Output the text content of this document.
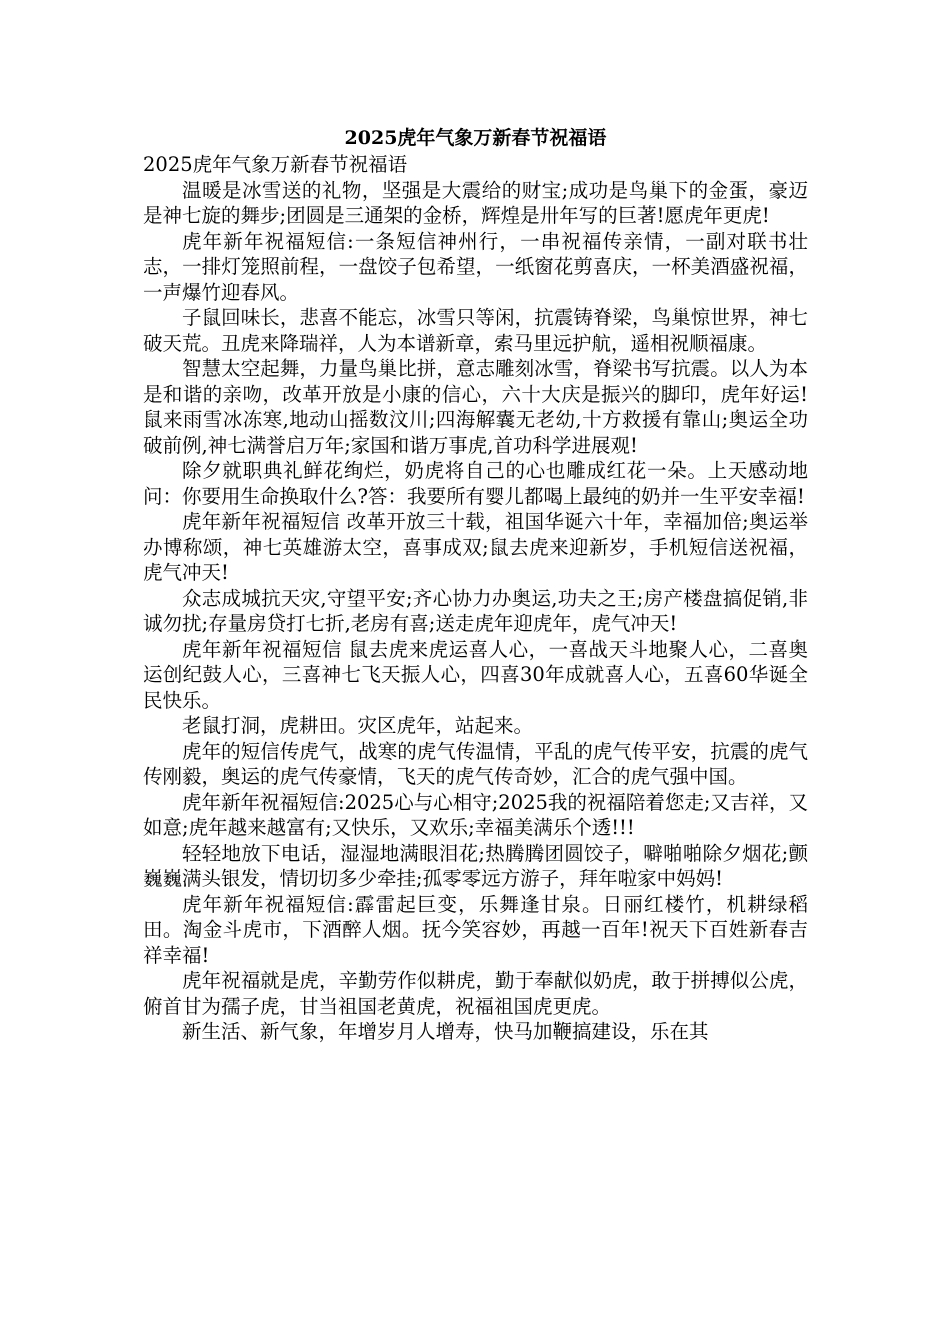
2025虎年气象万新春节祝福语

2025虎年气象万新春节祝福语

温暖是冰雪送的礼物，坚强是大震给的财宝;成功是鸟巢下的金蛋，豪迈是神七旋的舞步;团圆是三通架的金桥，辉煌是卅年写的巨著!愿虎年更虎!

虎年新年祝福短信:一条短信神州行，一串祝福传亲情，一副对联书壮志，一排灯笼照前程，一盘饺子包希望，一纸窗花剪喜庆，一杯美酒盛祝福，一声爆竹迎春风。

子鼠回味长，悲喜不能忘，冰雪只等闲，抗震铸脊梁，鸟巢惊世界，神七破天荒。丑虎来降瑞祥，人为本谱新章，索马里远护航，遥相祝顺福康。

智慧太空起舞，力量鸟巢比拼，意志雕刻冰雪，脊梁书写抗震。以人为本是和谐的亲吻，改革开放是小康的信心，六十大庆是振兴的脚印，虎年好运!鼠来雨雪冰冻寒,地动山摇数汶川;四海解囊无老幼,十方救援有靠山;奥运全功破前例,神七满誉启万年;家国和谐万事虎,首功科学进展观!

除夕就职典礼鲜花绚烂，奶虎将自己的心也雕成红花一朵。上天感动地问：你要用生命换取什么?答：我要所有婴儿都喝上最纯的奶并一生平安幸福!

虎年新年祝福短信 改革开放三十载，祖国华诞六十年，幸福加倍;奥运举办博称颂，神七英雄游太空，喜事成双;鼠去虎来迎新岁，手机短信送祝福，虎气冲天!

众志成城抗天灾,守望平安;齐心协力办奥运,功夫之王;房产楼盘搞促销,非诚勿扰;存量房贷打七折,老房有喜;送走虎年迎虎年，虎气冲天!

虎年新年祝福短信 鼠去虎来虎运喜人心，一喜战天斗地聚人心，二喜奥运创纪鼓人心，三喜神七飞天振人心，四喜30年成就喜人心，五喜60华诞全民快乐。

老鼠打洞，虎耕田。灾区虎年，站起来。

虎年的短信传虎气，战寒的虎气传温情，平乱的虎气传平安，抗震的虎气传刚毅，奥运的虎气传豪情，飞天的虎气传奇妙，汇合的虎气强中国。

虎年新年祝福短信:2025心与心相守;2025我的祝福陪着您走;又吉祥，又如意;虎年越来越富有;又快乐，又欢乐;幸福美满乐个透!!!

轻轻地放下电话，湿湿地满眼泪花;热腾腾团圆饺子，噼啪啪除夕烟花;颤巍巍满头银发，情切切多少牵挂;孤零零远方游子，拜年啦家中妈妈!

虎年新年祝福短信:霹雷起巨变，乐舞逢甘泉。日丽红楼竹，机耕绿稻田。淘金斗虎市，下酒醉人烟。抚今笑容妙，再越一百年!祝天下百姓新春吉祥幸福!

虎年祝福就是虎，辛勤劳作似耕虎，勤于奉献似奶虎，敢于拼搏似公虎，俯首甘为孺子虎，甘当祖国老黄虎，祝福祖国虎更虎。

新生活、新气象，年增岁月人增寿，快马加鞭搞建设，乐在其
